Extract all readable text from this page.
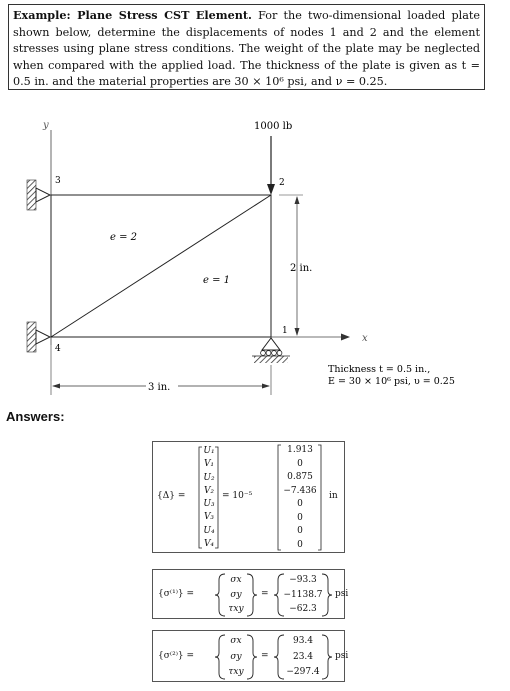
Example: Plane Stress CST Element. For the two-dimensional loaded plate shown below, determine the displacements of nodes 1 and 2 and the element stresses using plane stress conditions. The weight of the plate may be neglected when compared with the applied load. The thickness of the plate is given as t = 0.5 in. and the material properties are 30 × 10⁶ psi, and ν = 0.25.
y
x
1000 lb
3	2
1
4
e = 2
e = 1
2 in.
3 in.
Thickness t = 0.5 in.,
E = 30 × 10⁶ psi, υ = 0.25
Answers:
{Δ} =
U₁
V₁
U₂
V₂
U₃
V₃
U₄
V₄
= 10⁻⁵
1.913
0
0.875
−7.436
0
0
0
0
in
{σ⁽¹⁾} =
σx
σy
τxy
=
−93.3
−1138.7
−62.3
psi
{σ⁽²⁾} =
σx
σy
τxy
=
93.4
23.4
−297.4
psi
